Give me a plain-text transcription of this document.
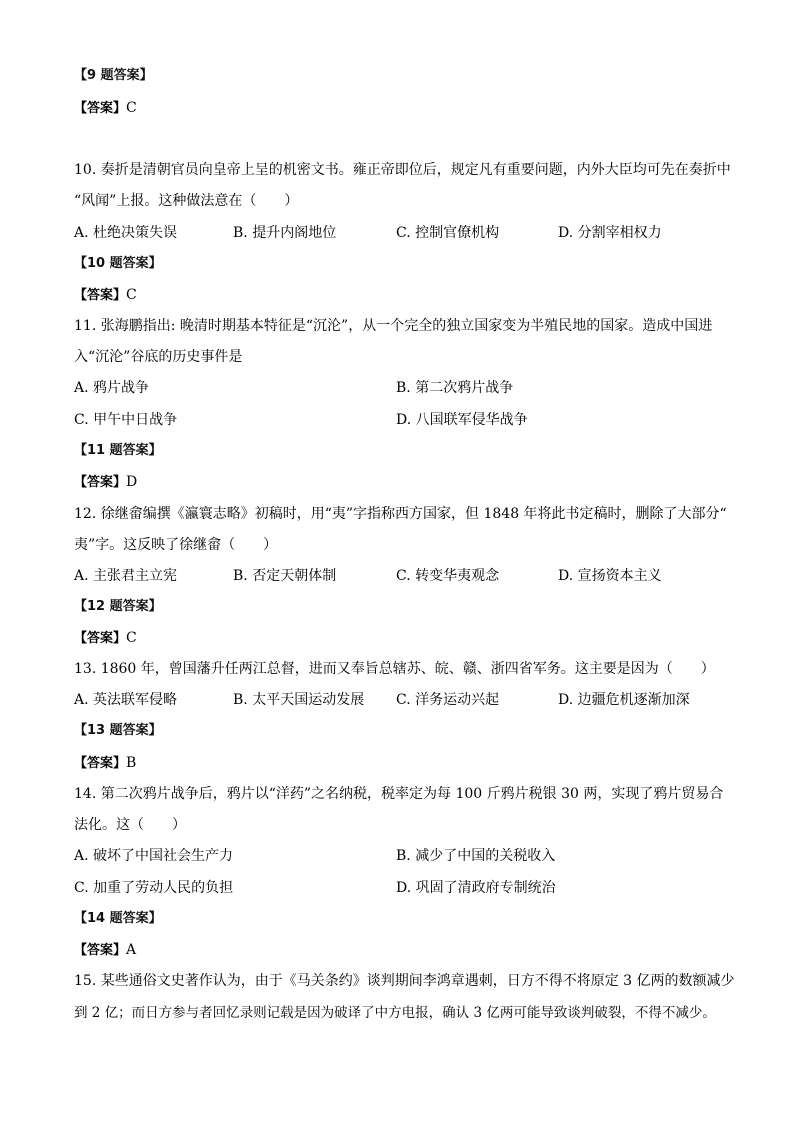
【9 题答案】
【答案】C
10. 奏折是清朝官员向皇帝上呈的机密文书。雍正帝即位后，规定凡有重要问题，内外大臣均可先在奏折中
“风闻”上报。这种做法意在（　　）
A. 杜绝决策失误	B. 提升内阁地位	C. 控制官僚机构	D. 分割宰相权力
【10 题答案】
【答案】C
11. 张海鹏指出: 晚清时期基本特征是“沉沦”，从一个完全的独立国家变为半殖民地的国家。造成中国进
入“沉沦”谷底的历史事件是
A. 鸦片战争	B. 第二次鸦片战争
C. 甲午中日战争	D. 八国联军侵华战争
【11 题答案】
【答案】D
12. 徐继畲编撰《瀛寰志略》初稿时，用“夷”字指称西方国家，但 1848 年将此书定稿时，删除了大部分“
夷”字。这反映了徐继畲（　　）
A. 主张君主立宪	B. 否定天朝体制	C. 转变华夷观念	D. 宣扬资本主义
【12 题答案】
【答案】C
13. 1860 年，曾国藩升任两江总督，进而又奉旨总辖苏、皖、赣、浙四省军务。这主要是因为（　　）
A. 英法联军侵略	B. 太平天国运动发展 C. 洋务运动兴起	D. 边疆危机逐渐加深
【13 题答案】
【答案】B
14. 第二次鸦片战争后，鸦片以“洋药”之名纳税，税率定为每 100 斤鸦片税银 30 两，实现了鸦片贸易合
法化。这（　　）
A. 破坏了中国社会生产力	B. 减少了中国的关税收入
C. 加重了劳动人民的负担	D. 巩固了清政府专制统治
【14 题答案】
【答案】A
15. 某些通俗文史著作认为，由于《马关条约》谈判期间李鸿章遇刺，日方不得不将原定 3 亿两的数额减少
到 2 亿；而日方参与者回忆录则记载是因为破译了中方电报，确认 3 亿两可能导致谈判破裂，不得不减少。
